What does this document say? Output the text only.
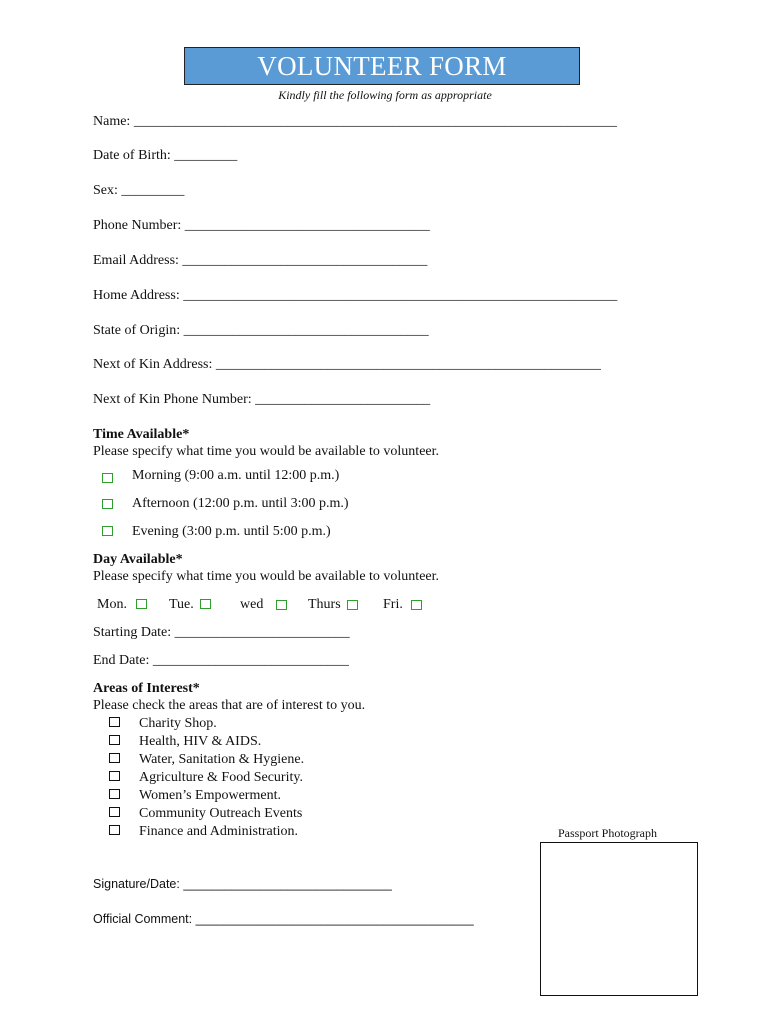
VOLUNTEER FORM
Kindly fill the following form as appropriate
Name: _____________________________________________________________________
Date of Birth: _________
Sex: _________
Phone Number: ___________________________________
Email Address: ___________________________________
Home Address: ______________________________________________________________
State of Origin: ___________________________________
Next of Kin Address: _______________________________________________________
Next of Kin Phone Number: _________________________
Time Available*
Please specify what time you would be available to volunteer.
Morning (9:00 a.m. until 12:00 p.m.)
Afternoon (12:00 p.m. until 3:00 p.m.)
Evening (3:00 p.m. until 5:00 p.m.)
Day Available*
Please specify what time you would be available to volunteer.
Mon.	Tue.	wed	Thurs	Fri.
Starting Date: _________________________
End Date: ____________________________
Areas of Interest*
Please check the areas that are of interest to you.
Charity Shop.
Health, HIV & AIDS.
Water, Sanitation & Hygiene.
Agriculture & Food Security.
Women’s Empowerment.
Community Outreach Events
Finance and Administration.	Passport Photograph
Signature/Date: ______________________________
Official Comment: ________________________________________
